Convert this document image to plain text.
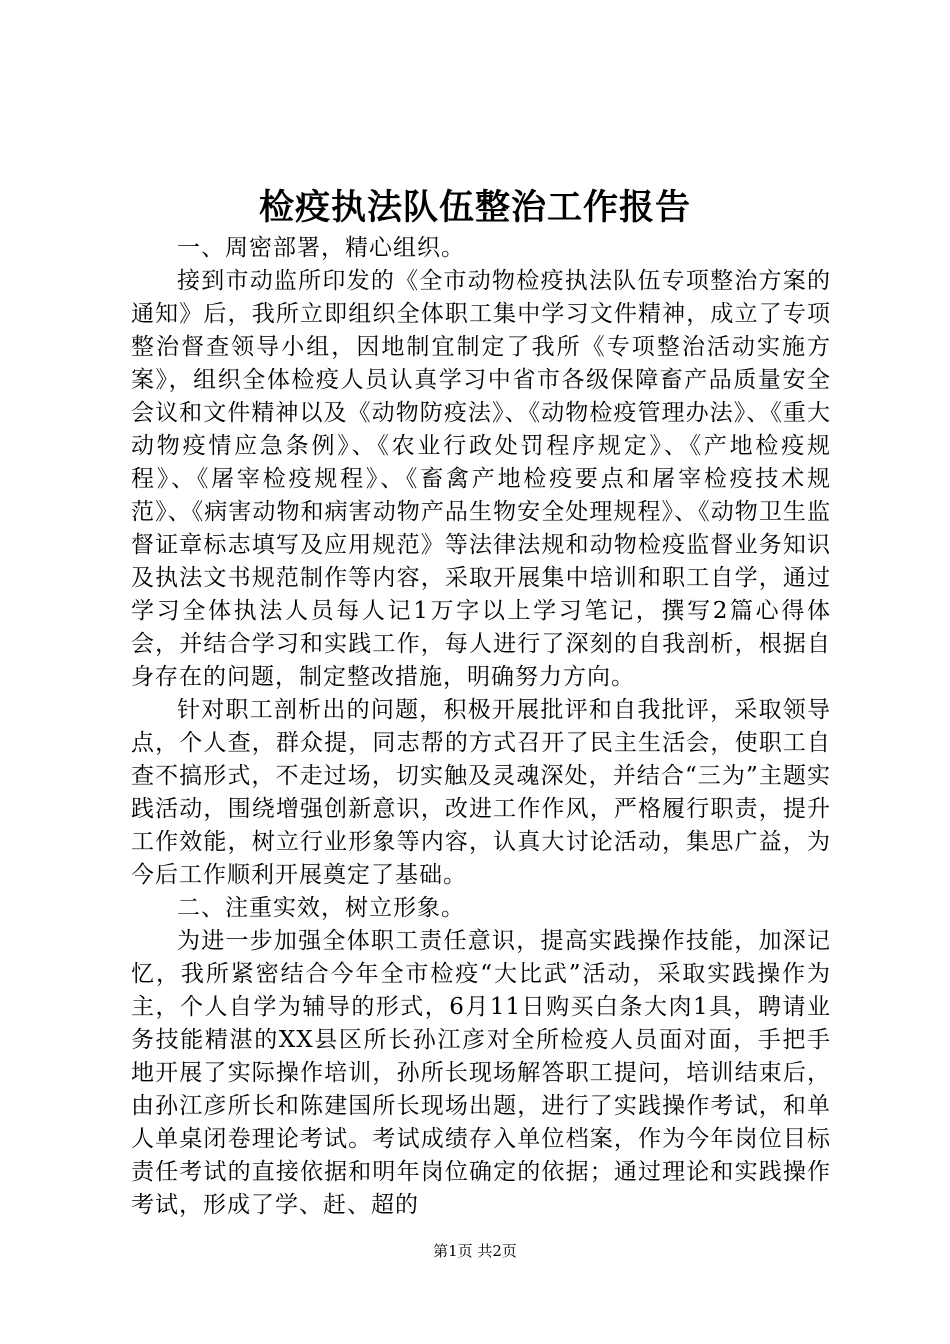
检疫执法队伍整治工作报告

一、周密部署，精心组织。

接到市动监所印发的《全市动物检疫执法队伍专项整治方案的通知》后，我所立即组织全体职工集中学习文件精神，成立了专项整治督查领导小组，因地制宜制定了我所《专项整治活动实施方案》，组织全体检疫人员认真学习中省市各级保障畜产品质量安全会议和文件精神以及《动物防疫法》、《动物检疫管理办法》、《重大动物疫情应急条例》、《农业行政处罚程序规定》、《产地检疫规程》、《屠宰检疫规程》、《畜禽产地检疫要点和屠宰检疫技术规范》、《病害动物和病害动物产品生物安全处理规程》、《动物卫生监督证章标志填写及应用规范》等法律法规和动物检疫监督业务知识及执法文书规范制作等内容，采取开展集中培训和职工自学，通过学习全体执法人员每人记1万字以上学习笔记，撰写2篇心得体会，并结合学习和实践工作，每人进行了深刻的自我剖析，根据自身存在的问题，制定整改措施，明确努力方向。

针对职工剖析出的问题，积极开展批评和自我批评，采取领导点，个人查，群众提，同志帮的方式召开了民主生活会，使职工自查不搞形式，不走过场，切实触及灵魂深处，并结合“三为”主题实践活动，围绕增强创新意识，改进工作作风，严格履行职责，提升工作效能，树立行业形象等内容，认真大讨论活动，集思广益，为今后工作顺利开展奠定了基础。

二、注重实效，树立形象。

为进一步加强全体职工责任意识，提高实践操作技能，加深记忆，我所紧密结合今年全市检疫“大比武”活动，采取实践操作为主，个人自学为辅导的形式，6月11日购买白条大肉1具，聘请业务技能精湛的XX县区所长孙江彦对全所检疫人员面对面，手把手地开展了实际操作培训，孙所长现场解答职工提问，培训结束后，由孙江彦所长和陈建国所长现场出题，进行了实践操作考试，和单人单桌闭卷理论考试。考试成绩存入单位档案，作为今年岗位目标责任考试的直接依据和明年岗位确定的依据；通过理论和实践操作考试，形成了学、赶、超的

第1页 共2页
